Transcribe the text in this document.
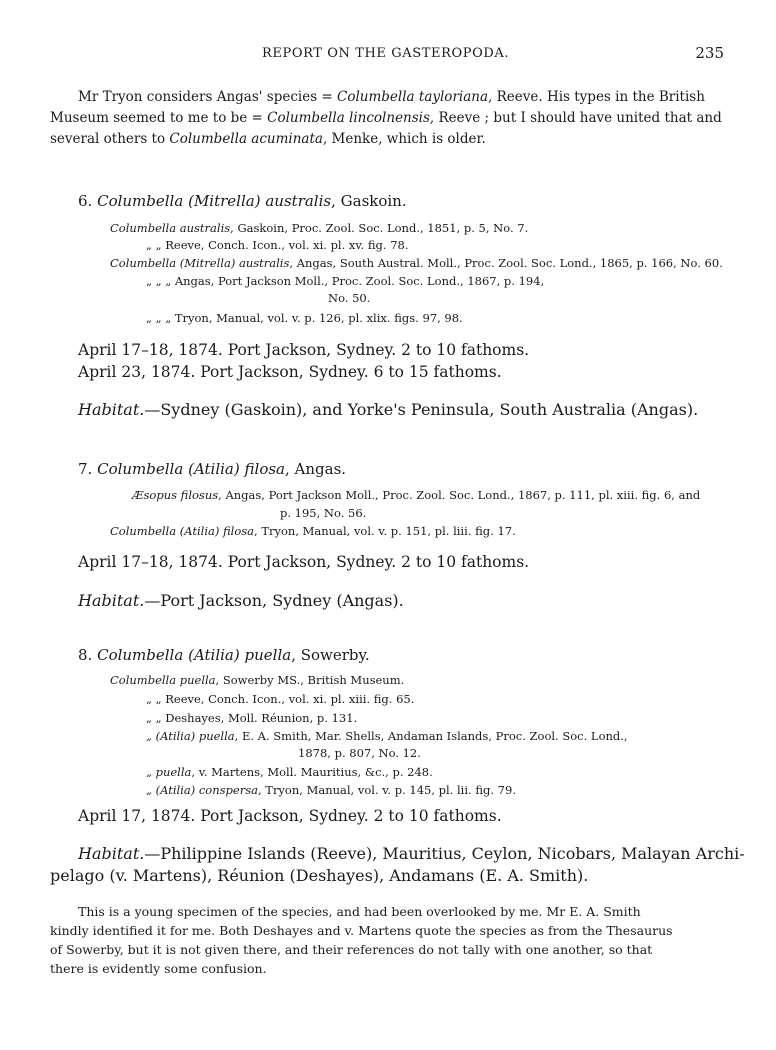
REPORT ON THE GASTEROPODA.	235
Mr Tryon considers Angas' species = Columbella tayloriana, Reeve. His types in the British
Museum seemed to me to be = Columbella lincolnensis, Reeve ; but I should have united that and
several others to Columbella acuminata, Menke, which is older.
6. Columbella (Mitrella) australis, Gaskoin.
Columbella australis, Gaskoin, Proc. Zool. Soc. Lond., 1851, p. 5, No. 7.
„ „ Reeve, Conch. Icon., vol. xi. pl. xv. fig. 78.
Columbella (Mitrella) australis, Angas, South Austral. Moll., Proc. Zool. Soc. Lond., 1865, p. 166, No. 60.
„ „ „ Angas, Port Jackson Moll., Proc. Zool. Soc. Lond., 1867, p. 194,
No. 50.
„ „ „ Tryon, Manual, vol. v. p. 126, pl. xlix. figs. 97, 98.
April 17–18, 1874. Port Jackson, Sydney. 2 to 10 fathoms.
April 23, 1874. Port Jackson, Sydney. 6 to 15 fathoms.
Habitat.—Sydney (Gaskoin), and Yorke's Peninsula, South Australia (Angas).
7. Columbella (Atilia) filosa, Angas.
Æsopus filosus, Angas, Port Jackson Moll., Proc. Zool. Soc. Lond., 1867, p. 111, pl. xiii. fig. 6, and
p. 195, No. 56.
Columbella (Atilia) filosa, Tryon, Manual, vol. v. p. 151, pl. liii. fig. 17.
April 17–18, 1874. Port Jackson, Sydney. 2 to 10 fathoms.
Habitat.—Port Jackson, Sydney (Angas).
8. Columbella (Atilia) puella, Sowerby.
Columbella puella, Sowerby MS., British Museum.
„ „ Reeve, Conch. Icon., vol. xi. pl. xiii. fig. 65.
„ „ Deshayes, Moll. Réunion, p. 131.
„ (Atilia) puella, E. A. Smith, Mar. Shells, Andaman Islands, Proc. Zool. Soc. Lond.,
1878, p. 807, No. 12.
„ puella, v. Martens, Moll. Mauritius, &c., p. 248.
„ (Atilia) conspersa, Tryon, Manual, vol. v. p. 145, pl. lii. fig. 79.
April 17, 1874. Port Jackson, Sydney. 2 to 10 fathoms.
Habitat.—Philippine Islands (Reeve), Mauritius, Ceylon, Nicobars, Malayan Archi-
pelago (v. Martens), Réunion (Deshayes), Andamans (E. A. Smith).
This is a young specimen of the species, and had been overlooked by me. Mr E. A. Smith
kindly identified it for me. Both Deshayes and v. Martens quote the species as from the Thesaurus
of Sowerby, but it is not given there, and their references do not tally with one another, so that
there is evidently some confusion.
